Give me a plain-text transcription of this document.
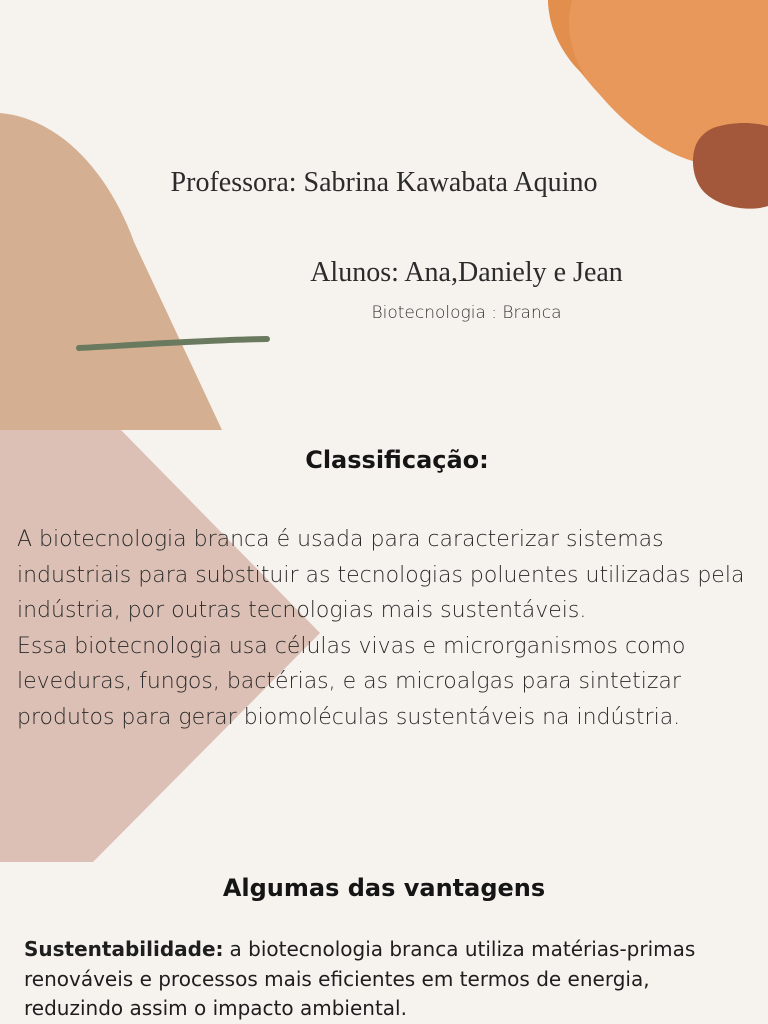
Professora: Sabrina Kawabata Aquino
Alunos: Ana,Daniely e Jean
Biotecnologia : Branca
Classificação:
A biotecnologia branca é usada para caracterizar sistemas
industriais para substituir as tecnologias poluentes utilizadas pela
indústria, por outras tecnologias mais sustentáveis.
Essa biotecnologia usa células vivas e microrganismos como
leveduras, fungos, bactérias, e as microalgas para sintetizar
produtos para gerar biomoléculas sustentáveis na indústria.
Algumas das vantagens
Sustentabilidade: a biotecnologia branca utiliza matérias-primas
renováveis e processos mais eficientes em termos de energia,
reduzindo assim o impacto ambiental.
